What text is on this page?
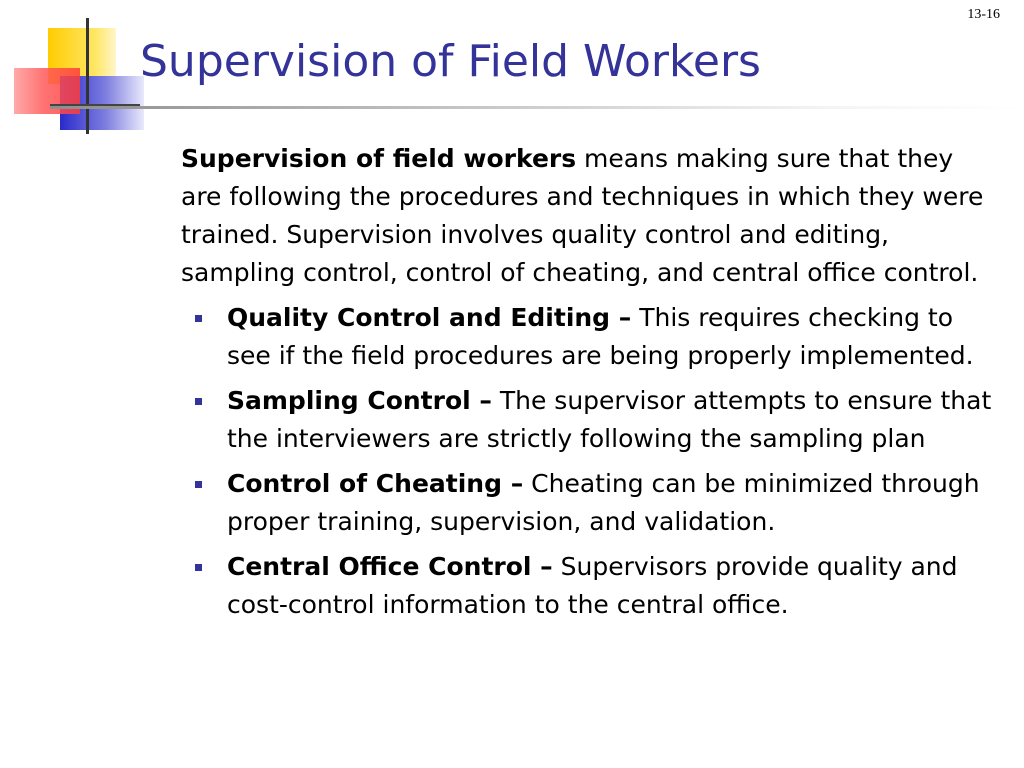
13-16
Supervision of Field Workers

Supervision of field workers means making sure that they are following the procedures and techniques in which they were trained. Supervision involves quality control and editing, sampling control, control of cheating, and central office control.

Quality Control and Editing – This requires checking to see if the field procedures are being properly implemented.
Sampling Control – The supervisor attempts to ensure that the interviewers are strictly following the sampling plan
Control of Cheating – Cheating can be minimized through proper training, supervision, and validation.
Central Office Control – Supervisors provide quality and cost-control information to the central office.
